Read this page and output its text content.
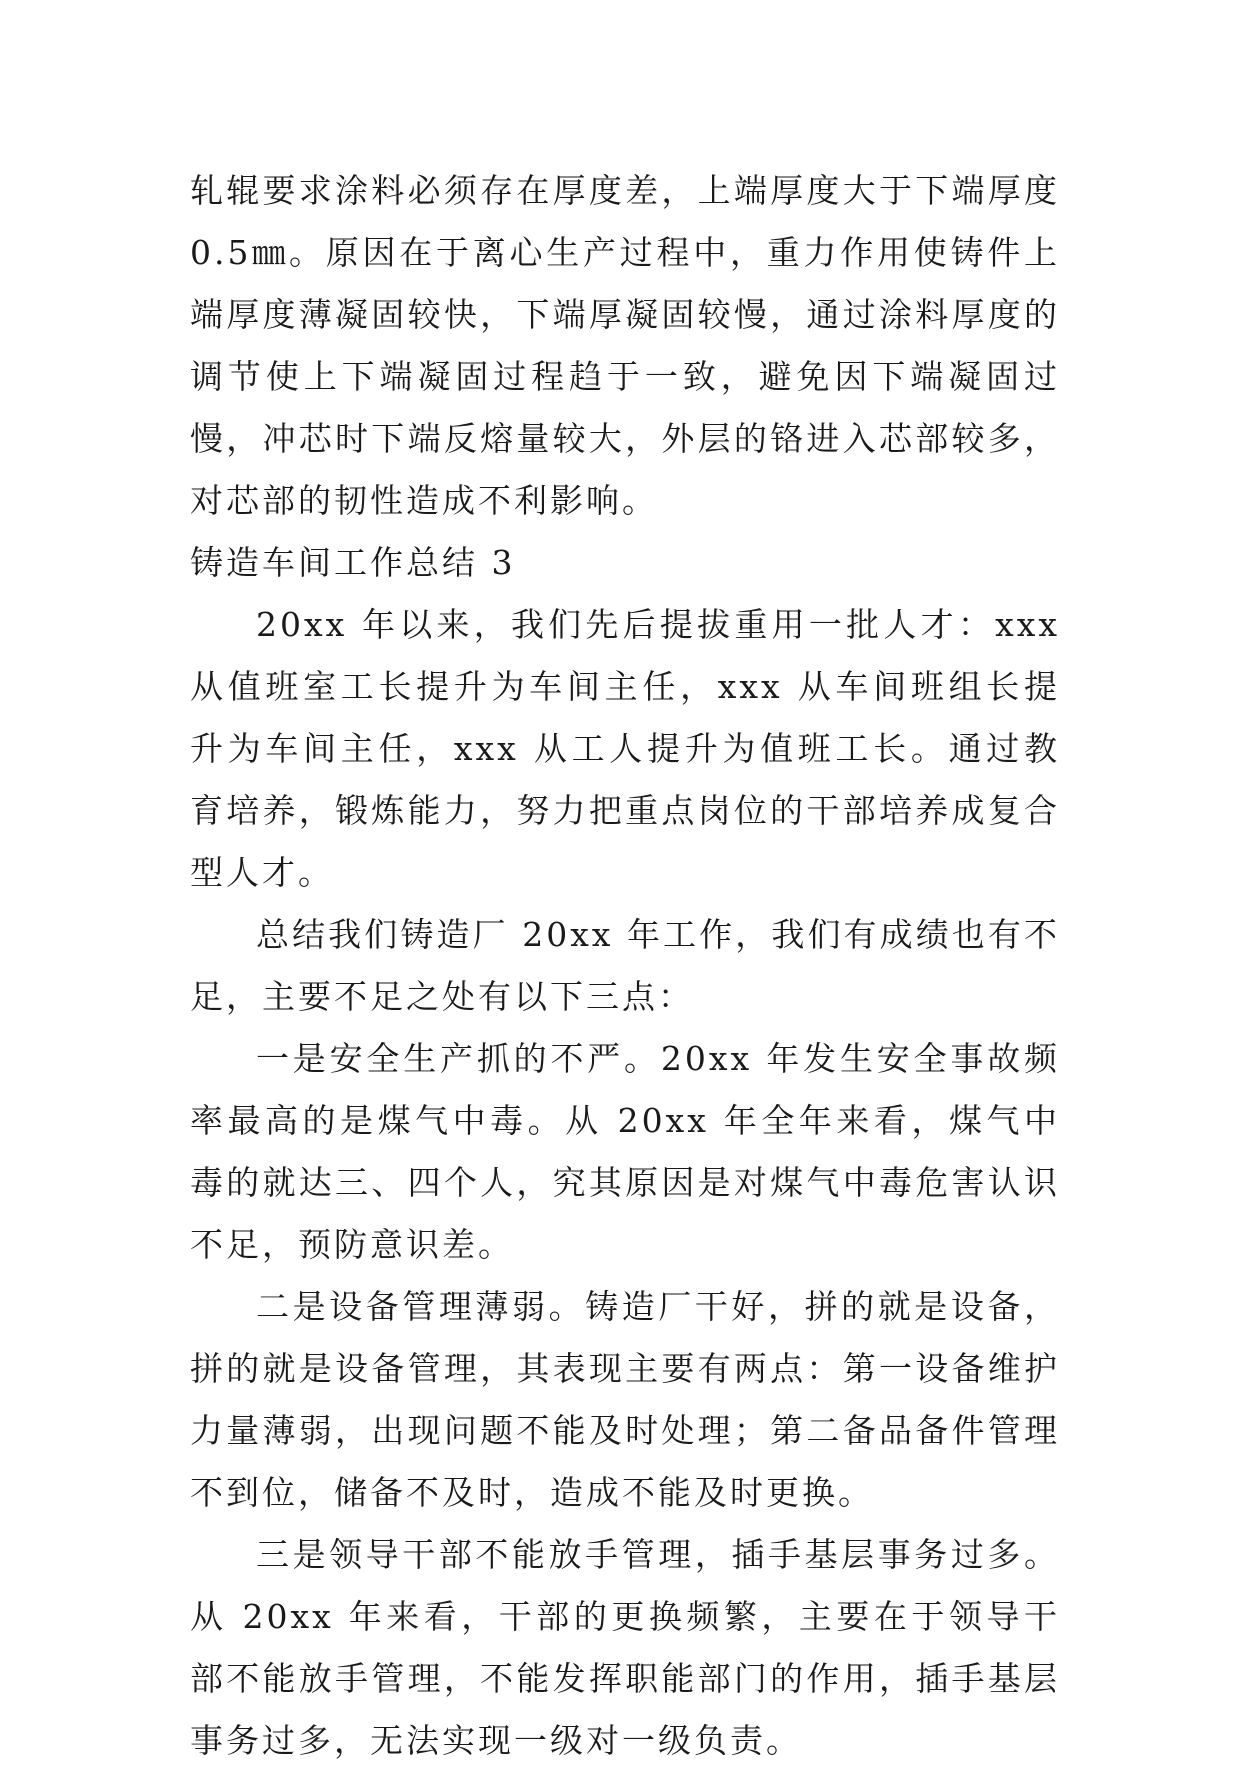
轧辊要求涂料必须存在厚度差，上端厚度大于下端厚度0.5㎜。原因在于离心生产过程中，重力作用使铸件上端厚度薄凝固较快，下端厚凝固较慢，通过涂料厚度的调节使上下端凝固过程趋于一致，避免因下端凝固过慢，冲芯时下端反熔量较大，外层的铬进入芯部较多，对芯部的韧性造成不利影响。

铸造车间工作总结 3

20xx 年以来，我们先后提拔重用一批人才：xxx 从值班室工长提升为车间主任，xxx 从车间班组长提升为车间主任，xxx 从工人提升为值班工长。通过教育培养，锻炼能力，努力把重点岗位的干部培养成复合型人才。

总结我们铸造厂 20xx 年工作，我们有成绩也有不足，主要不足之处有以下三点：

一是安全生产抓的不严。20xx 年发生安全事故频率最高的是煤气中毒。从 20xx 年全年来看，煤气中毒的就达三、四个人，究其原因是对煤气中毒危害认识不足，预防意识差。

二是设备管理薄弱。铸造厂干好，拼的就是设备，拼的就是设备管理，其表现主要有两点：第一设备维护力量薄弱，出现问题不能及时处理；第二备品备件管理不到位，储备不及时，造成不能及时更换。

三是领导干部不能放手管理，插手基层事务过多。从 20xx 年来看，干部的更换频繁，主要在于领导干部不能放手管理，不能发挥职能部门的作用，插手基层事务过多，无法实现一级对一级负责。
